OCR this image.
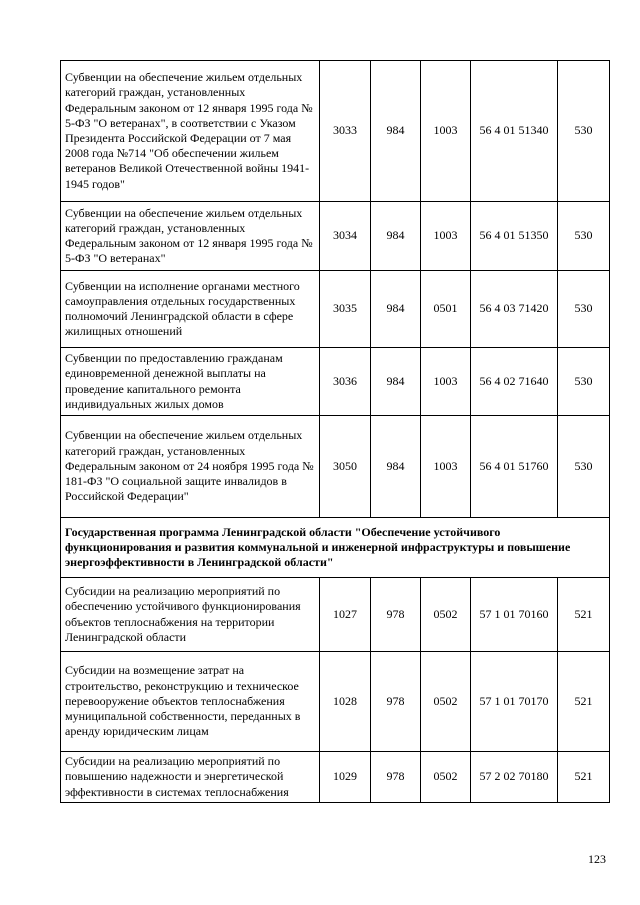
Субвенции на обеспечение жильем отдельных категорий граждан, установленных Федеральным законом от 12 января 1995 года № 5-ФЗ "О ветеранах", в соответствии с Указом Президента Российской Федерации от 7 мая 2008 года №714 "Об обеспечении жильем ветеранов Великой Отечественной войны 1941-1945 годов"	3033	984	1003	56 4 01 51340	530
Субвенции на обеспечение жильем отдельных категорий граждан, установленных Федеральным законом от 12 января 1995 года № 5-ФЗ "О ветеранах"	3034	984	1003	56 4 01 51350	530
Субвенции на исполнение органами местного самоуправления отдельных государственных полномочий Ленинградской области в сфере жилищных отношений	3035	984	0501	56 4 03 71420	530
Субвенции по предоставлению гражданам единовременной денежной выплаты на проведение капитального ремонта индивидуальных жилых домов	3036	984	1003	56 4 02 71640	530
Субвенции на обеспечение жильем отдельных категорий граждан, установленных Федеральным законом от 24 ноября 1995 года № 181-ФЗ "О социальной защите инвалидов в Российской Федерации"	3050	984	1003	56 4 01 51760	530
Государственная программа Ленинградской области "Обеспечение устойчивого функционирования и развития коммунальной и инженерной инфраструктуры и повышение энергоэффективности в Ленинградской области"					
Субсидии на реализацию мероприятий по обеспечению устойчивого функционирования объектов теплоснабжения на территории Ленинградской области	1027	978	0502	57 1 01 70160	521
Субсидии на возмещение затрат на строительство, реконструкцию и техническое перевооружение объектов теплоснабжения муниципальной собственности, переданных в аренду юридическим лицам	1028	978	0502	57 1 01 70170	521
Субсидии на реализацию мероприятий по повышению надежности и энергетической эффективности в системах теплоснабжения	1029	978	0502	57 2 02 70180	521
123
